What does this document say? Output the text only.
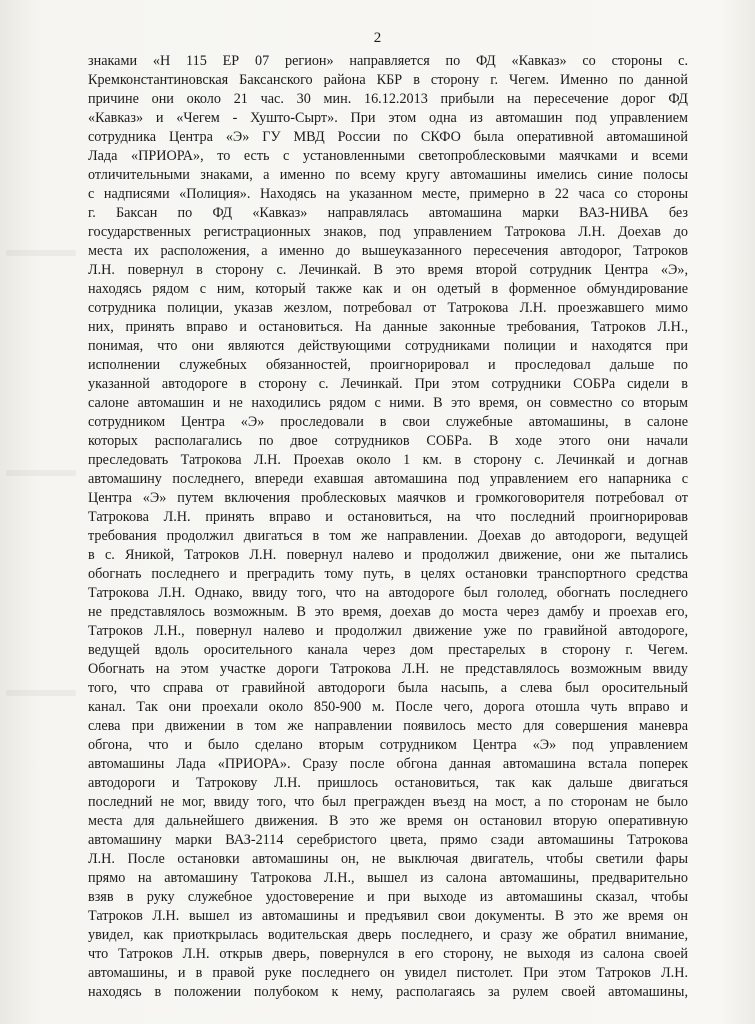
2
знаками «Н 115 ЕР 07 регион» направляется по ФД «Кавказ» со стороны с.
Кремконстантиновская Баксанского района КБР в сторону г. Чегем. Именно по данной
причине они около 21 час. 30 мин. 16.12.2013 прибыли на пересечение дорог ФД
«Кавказ» и «Чегем - Хушто-Сырт». При этом одна из автомашин под управлением
сотрудника Центра «Э» ГУ МВД России по СКФО была оперативной автомашиной
Лада «ПРИОРА», то есть с установленными светопроблесковыми маячками и всеми
отличительными знаками, а именно по всему кругу автомашины имелись синие полосы
с надписями «Полиция». Находясь на указанном месте, примерно в 22 часа со стороны
г. Баксан по ФД «Кавказ» направлялась автомашина марки ВАЗ-НИВА без
государственных регистрационных знаков, под управлением Татрокова Л.Н. Доехав до
места их расположения, а именно до вышеуказанного пересечения автодорог, Татроков
Л.Н. повернул в сторону с. Лечинкай. В это время второй сотрудник Центра «Э»,
находясь рядом с ним, который также как и он одетый в форменное обмундирование
сотрудника полиции, указав жезлом, потребовал от Татрокова Л.Н. проезжавшего мимо
них, принять вправо и остановиться. На данные законные требования, Татроков Л.Н.,
понимая, что они являются действующими сотрудниками полиции и находятся при
исполнении служебных обязанностей, проигнорировал и проследовал дальше по
указанной автодороге в сторону с. Лечинкай. При этом сотрудники СОБРа сидели в
салоне автомашин и не находились рядом с ними. В это время, он совместно со вторым
сотрудником Центра «Э» проследовали в свои служебные автомашины, в салоне
которых располагались по двое сотрудников СОБРа. В ходе этого они начали
преследовать Татрокова Л.Н. Проехав около 1 км. в сторону с. Лечинкай и догнав
автомашину последнего, впереди ехавшая автомашина под управлением его напарника с
Центра «Э» путем включения проблесковых маячков и громкоговорителя потребовал от
Татрокова Л.Н. принять вправо и остановиться, на что последний проигнорировав
требования продолжил двигаться в том же направлении. Доехав до автодороги, ведущей
в с. Яникой, Татроков Л.Н. повернул налево и продолжил движение, они же пытались
обогнать последнего и преградить тому путь, в целях остановки транспортного средства
Татрокова Л.Н. Однако, ввиду того, что на автодороге был гололед, обогнать последнего
не представлялось возможным. В это время, доехав до моста через дамбу и проехав его,
Татроков Л.Н., повернул налево и продолжил движение уже по гравийной автодороге,
ведущей вдоль оросительного канала через дом престарелых в сторону г. Чегем.
Обогнать на этом участке дороги Татрокова Л.Н. не представлялось возможным ввиду
того, что справа от гравийной автодороги была насыпь, а слева был оросительный
канал. Так они проехали около 850-900 м. После чего, дорога отошла чуть вправо и
слева при движении в том же направлении появилось место для совершения маневра
обгона, что и было сделано вторым сотрудником Центра «Э» под управлением
автомашины Лада «ПРИОРА». Сразу после обгона данная автомашина встала поперек
автодороги и Татрокову Л.Н. пришлось остановиться, так как дальше двигаться
последний не мог, ввиду того, что был прегражден въезд на мост, а по сторонам не было
места для дальнейшего движения. В это же время он остановил вторую оперативную
автомашину марки ВАЗ-2114 серебристого цвета, прямо сзади автомашины Татрокова
Л.Н. После остановки автомашины он, не выключая двигатель, чтобы светили фары
прямо на автомашину Татрокова Л.Н., вышел из салона автомашины, предварительно
взяв в руку служебное удостоверение и при выходе из автомашины сказал, чтобы
Татроков Л.Н. вышел из автомашины и предъявил свои документы. В это же время он
увидел, как приоткрылась водительская дверь последнего, и сразу же обратил внимание,
что Татроков Л.Н. открыв дверь, повернулся в его сторону, не выходя из салона своей
автомашины, и в правой руке последнего он увидел пистолет. При этом Татроков Л.Н.
находясь в положении полубоком к нему, располагаясь за рулем своей автомашины,
